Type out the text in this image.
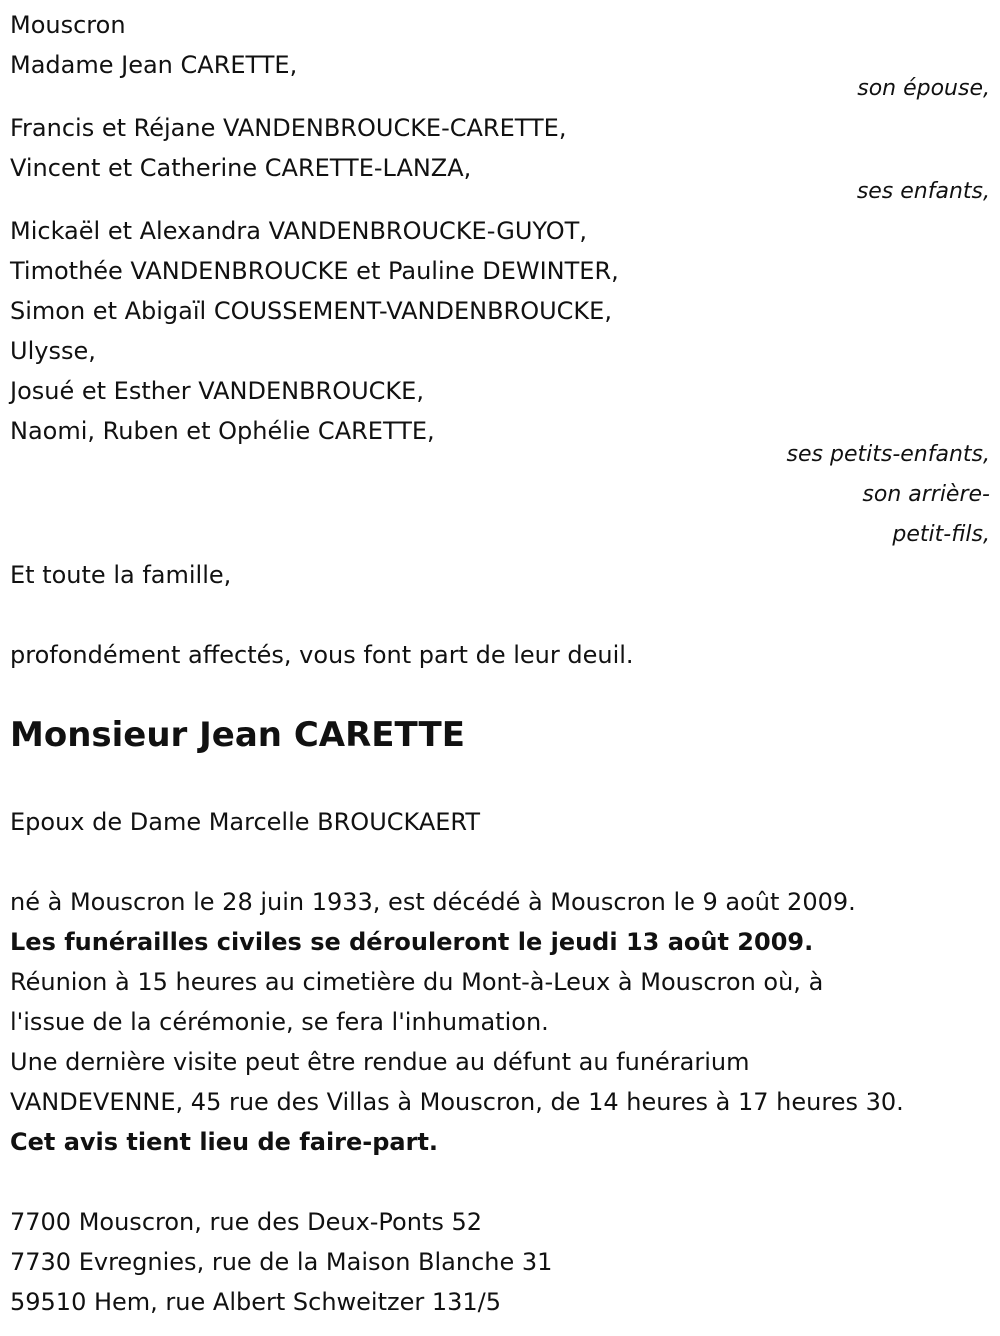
Mouscron
Madame Jean CARETTE,
son épouse,
Francis et Réjane VANDENBROUCKE-CARETTE,
Vincent et Catherine CARETTE-LANZA,
ses enfants,
Mickaël et Alexandra VANDENBROUCKE-GUYOT,
Timothée VANDENBROUCKE et Pauline DEWINTER,
Simon et Abigaïl COUSSEMENT-VANDENBROUCKE,
Ulysse,
Josué et Esther VANDENBROUCKE,
Naomi, Ruben et Ophélie CARETTE,
ses petits-enfants,
son arrière-
petit-fils,
Et toute la famille,
profondément affectés, vous font part de leur deuil.
Monsieur Jean CARETTE
Epoux de Dame Marcelle BROUCKAERT
né à Mouscron le 28 juin 1933, est décédé à Mouscron le 9 août 2009.
Les funérailles civiles se dérouleront le jeudi 13 août 2009.
Réunion à 15 heures au cimetière du Mont-à-Leux à Mouscron où, à
l'issue de la cérémonie, se fera l'inhumation.
Une dernière visite peut être rendue au défunt au funérarium
VANDEVENNE, 45 rue des Villas à Mouscron, de 14 heures à 17 heures 30.
Cet avis tient lieu de faire-part.
7700 Mouscron, rue des Deux-Ponts 52
7730 Evregnies, rue de la Maison Blanche 31
59510 Hem, rue Albert Schweitzer 131/5
